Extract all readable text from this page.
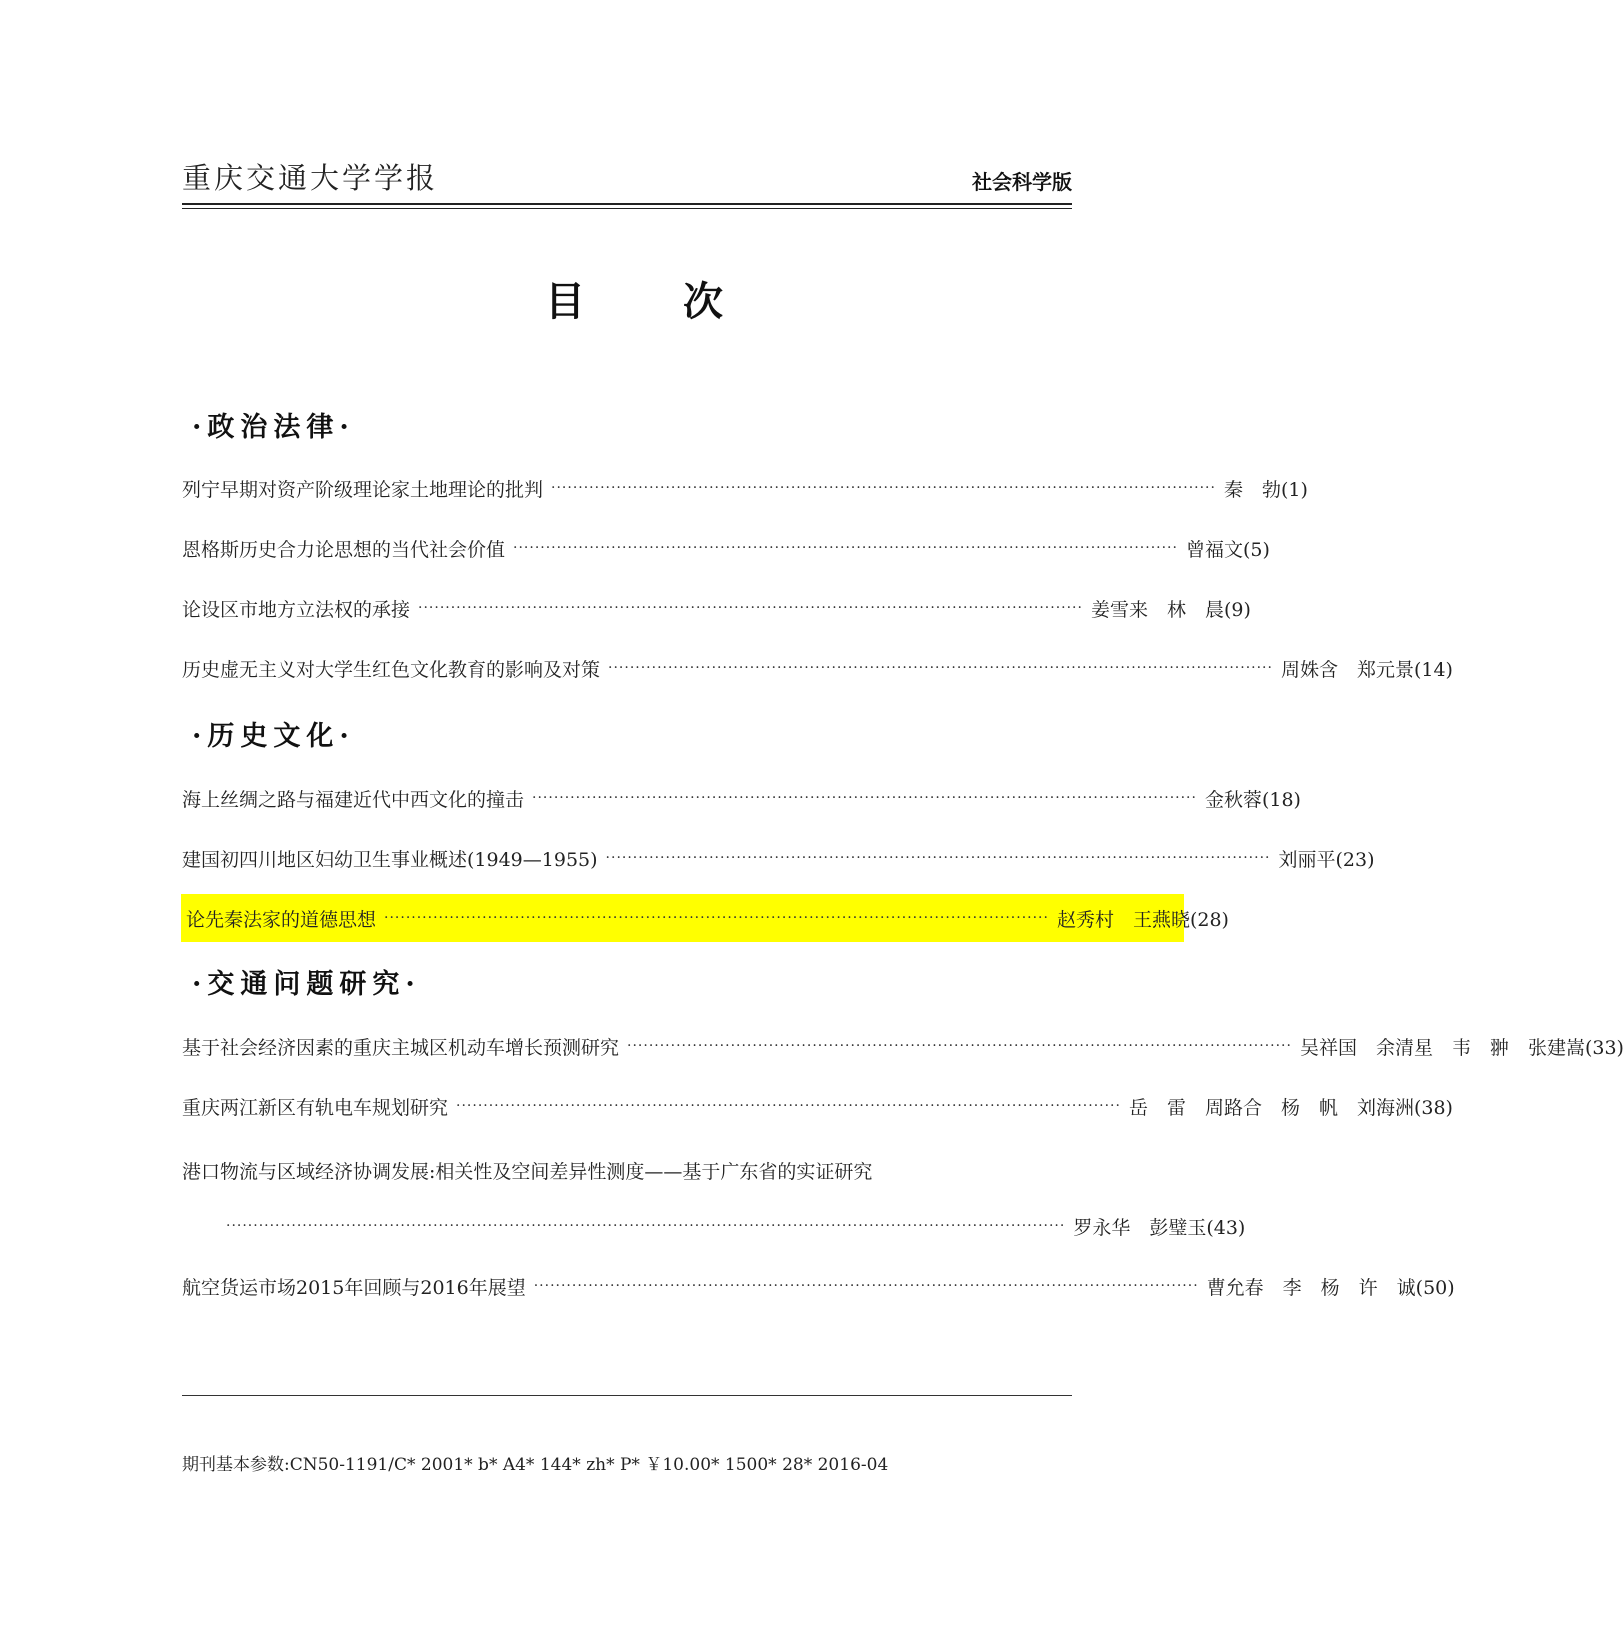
重庆交通大学学报	社会科学版
目 次
·政治法律·
列宁早期对资产阶级理论家土地理论的批判 ·························································································································· 秦　勃(1)
恩格斯历史合力论思想的当代社会价值 ·························································································································· 曾福文(5)
论设区市地方立法权的承接 ·························································································································· 姜雪来　林　晨(9)
历史虚无主义对大学生红色文化教育的影响及对策 ·························································································································· 周姝含　郑元景(14)
·历史文化·
海上丝绸之路与福建近代中西文化的撞击 ·························································································································· 金秋蓉(18)
建国初四川地区妇幼卫生事业概述(1949—1955) ·························································································································· 刘丽平(23)
论先秦法家的道德思想 ·························································································································· 赵秀村　王燕晓(28)
·交通问题研究·
基于社会经济因素的重庆主城区机动车增长预测研究 ·························································································································· 吴祥国　余清星　韦　翀　张建嵩(33)
重庆两江新区有轨电车规划研究 ·························································································································· 岳　雷　周路合　杨　帆　刘海洲(38)
港口物流与区域经济协调发展:相关性及空间差异性测度——基于广东省的实证研究
·························································································································································· 罗永华　彭璧玉(43)
航空货运市场2015年回顾与2016年展望 ·························································································································· 曹允春　李　杨　许　诚(50)
期刊基本参数:CN50-1191/C* 2001* b* A4* 144* zh* P* ￥10.00* 1500* 28* 2016-04
